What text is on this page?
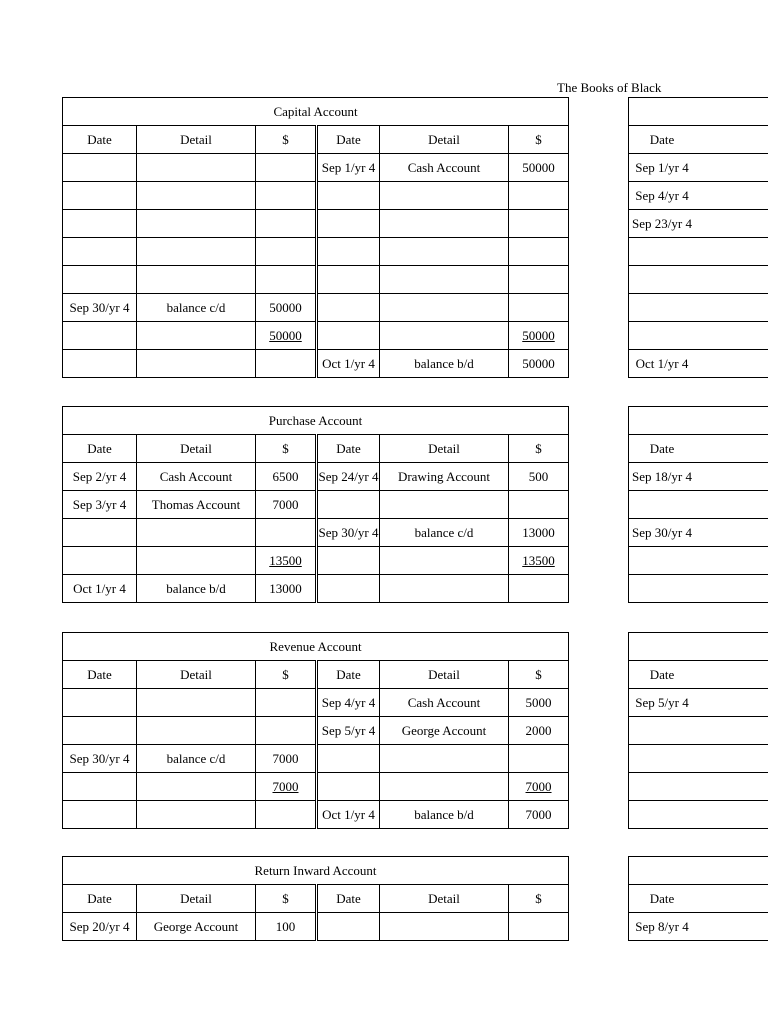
The Books of Black
Capital Account					
Date	Detail	$	Date	Detail	$
			Sep 1/yr 4	Cash Account	50000

Sep 30/yr 4	balance c/d	50000			
		50000			50000
			Oct 1/yr 4	balance b/d	50000
Purchase Account					
Date	Detail	$	Date	Detail	$
Sep 2/yr 4	Cash Account	6500	Sep 24/yr 4	Drawing Account	500
Sep 3/yr 4	Thomas Account	7000			
			Sep 30/yr 4	balance c/d	13000
		13500			13500
Oct 1/yr 4	balance b/d	13000			
Revenue Account					
Date	Detail	$	Date	Detail	$
			Sep 4/yr 4	Cash Account	5000
			Sep 5/yr 4	George Account	2000
Sep 30/yr 4	balance c/d	7000			
		7000			7000
			Oct 1/yr 4	balance b/d	7000
Return Inward Account					
Date	Detail	$	Date	Detail	$
Sep 20/yr 4	George Account	100			

Date
Sep 1/yr 4
Sep 4/yr 4
Sep 23/yr 4

Oct 1/yr 4

Date
Sep 18/yr 4

Sep 30/yr 4

Date
Sep 5/yr 4

Date
Sep 8/yr 4
